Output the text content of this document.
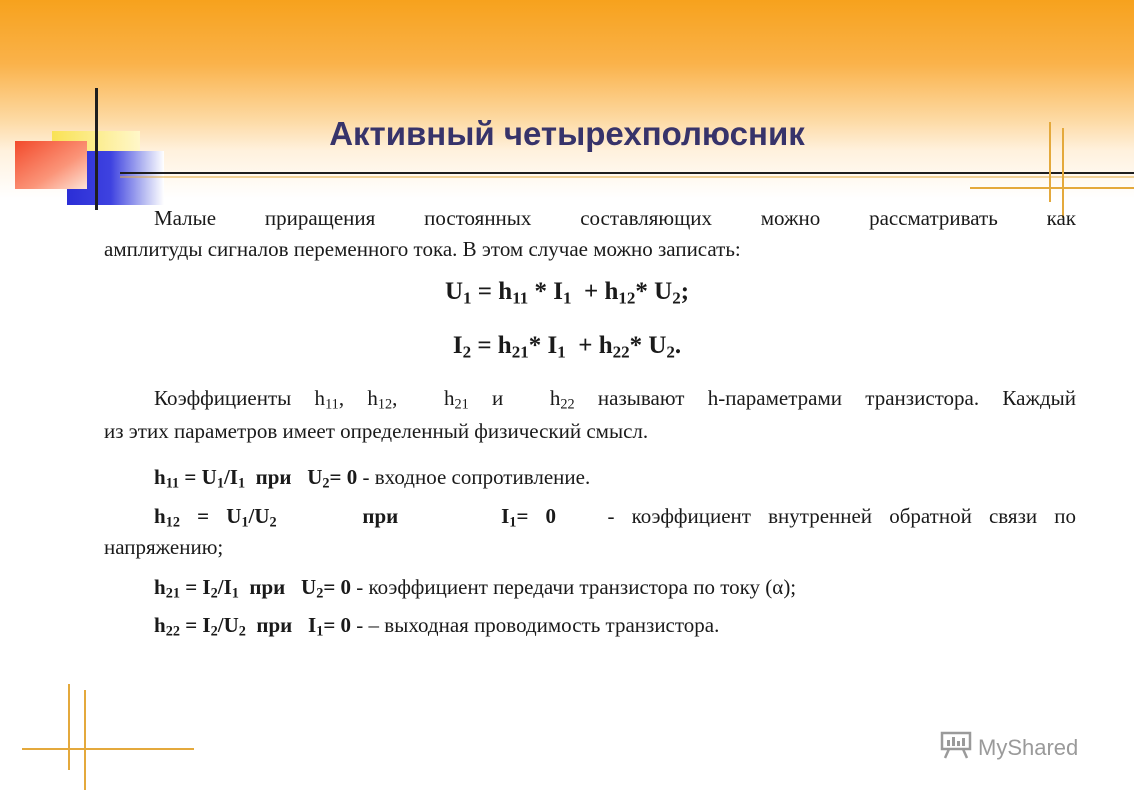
Активный четырехполюсник

Малые приращения постоянных составляющих можно рассматривать как

амплитуды сигналов переменного тока. В этом случае можно записать:

$U_1 = h_{11} * I_1 + h_{12}*$ $U_2$;
$I_2 = h_{21}*$ $I_1 + h_{22}*$ $U_2$.

Коэффициенты $h_{11}$, $h_{12}$,  $h_{21}$ и  $h_{22}$ называют h-параметрами транзистора. Каждый

из этих параметров имеет определенный физический смысл.

$h_{11} = U_1/I_1$  при   $U_2= 0$ - входное сопротивление.

$h_{12} = U_1/U_2$     при      $I_1= 0$   - коэффициент внутренней обратной связи по

напряжению;

$h_{21} = I_2/I_1$  при   $U_2= 0$ - коэффициент передачи транзистора по току (α);

$h_{22} = I_2/U_2$  при   $I_1= 0$ - – выходная проводимость транзистора.

MyShared
